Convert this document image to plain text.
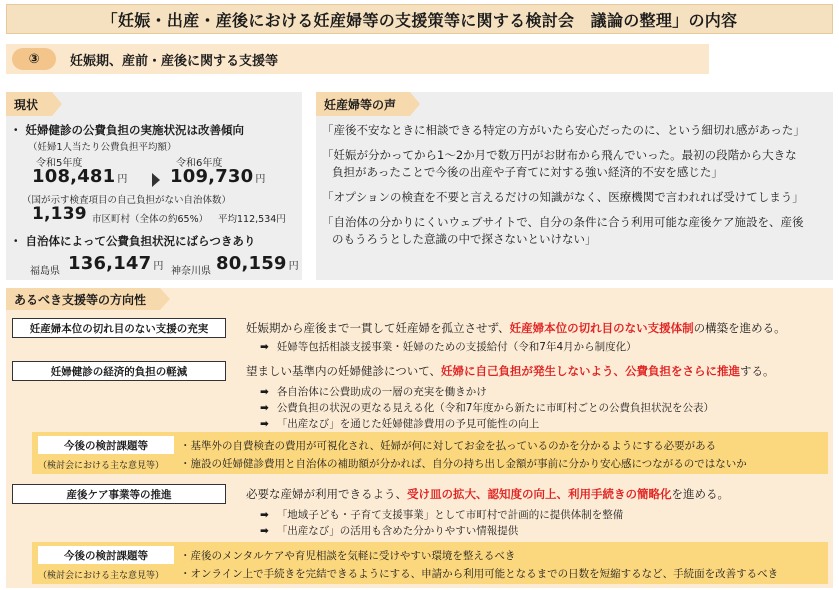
「妊娠・出産・産後における妊産婦等の支援策等に関する検討会　議論の整理」の内容
③	妊娠期、産前・産後に関する支援等
現状
・ 妊婦健診の公費負担の実施状況は改善傾向
（妊婦1人当たり公費負担平均額）
令和5年度	令和6年度
108,481 円 109,730 円
（国が示す検査項目の自己負担がない自治体数）
1,139 市区町村（全体の約65%） 平均112,534円
・ 自治体によって公費負担状況にばらつきあり
福島県 136,147 円 神奈川県 80,159 円
妊産婦等の声
「産後不安なときに相談できる特定の方がいたら安心だったのに、という細切れ感があった」
「妊娠が分かってから1～2か月で数万円がお財布から飛んでいった。最初の段階から大きな
負担があったことで今後の出産や子育てに対する強い経済的不安を感じた」
「オプションの検査を不要と言えるだけの知識がなく、医療機関で言われれば受けてしまう」
「自治体の分かりにくいウェブサイトで、自分の条件に合う利用可能な産後ケア施設を、産後
のもうろうとした意識の中で探さないといけない」
あるべき支援等の方向性
妊産婦本位の切れ目のない支援の充実	妊娠期から産後まで一貫して妊産婦を孤立させず、妊産婦本位の切れ目のない支援体制の構築を進める。
➡ 妊婦等包括相談支援事業・妊婦のための支援給付（令和7年4月から制度化）
妊婦健診の経済的負担の軽減	望ましい基準内の妊婦健診について、妊婦に自己負担が発生しないよう、公費負担をさらに推進する。
➡ 各自治体に公費助成の一層の充実を働きかけ
➡ 公費負担の状況の更なる見える化（令和7年度から新たに市町村ごとの公費負担状況を公表）
➡ 「出産なび」を通じた妊婦健診費用の予見可能性の向上
今後の検討課題等
（検討会における主な意見等）
・基準外の自費検査の費用が可視化され、妊婦が何に対してお金を払っているのかを分かるようにする必要がある
・施設の妊婦健診費用と自治体の補助額が分かれば、自分の持ち出し金額が事前に分かり安心感につながるのではないか
産後ケア事業等の推進	必要な産婦が利用できるよう、受け皿の拡大、認知度の向上、利用手続きの簡略化を進める。
➡ 「地域子ども・子育て支援事業」として市町村で計画的に提供体制を整備
➡ 「出産なび」の活用も含めた分かりやすい情報提供
今後の検討課題等
（検討会における主な意見等）
・産後のメンタルケアや育児相談を気軽に受けやすい環境を整えるべき
・オンライン上で手続きを完結できるようにする、申請から利用可能となるまでの日数を短縮するなど、手続面を改善するべき
